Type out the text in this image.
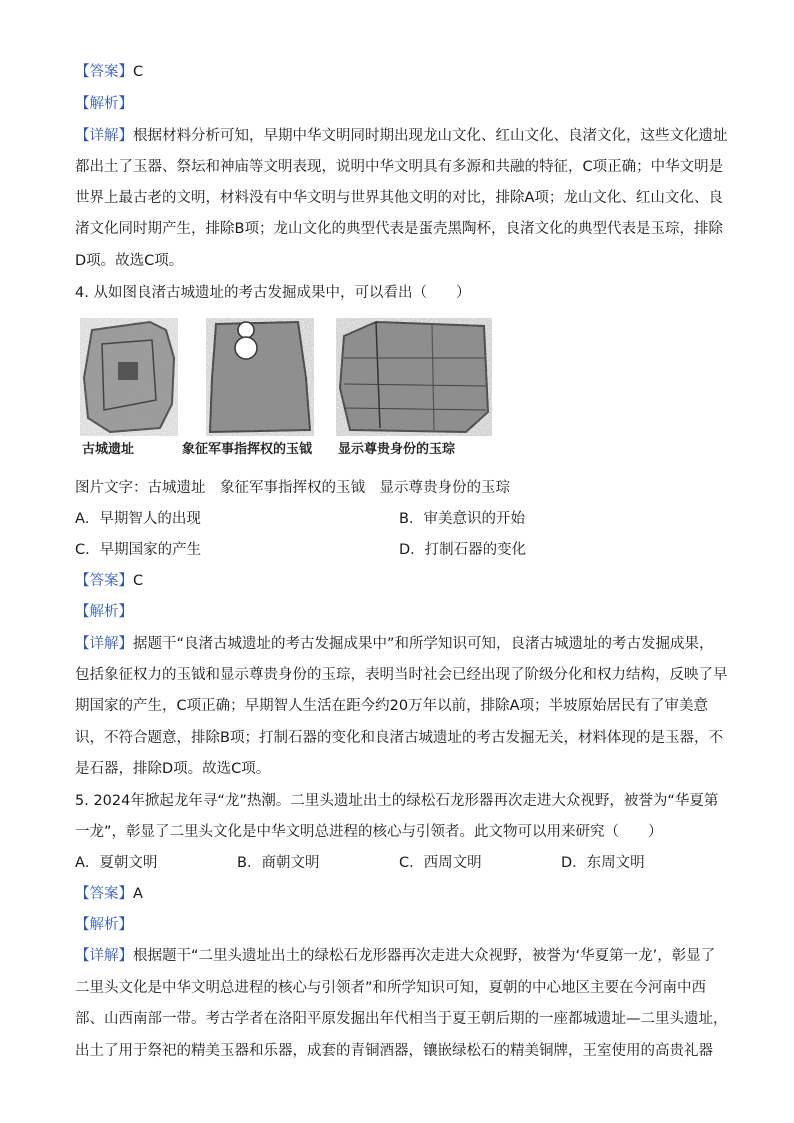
【答案】C
【解析】
【详解】根据材料分析可知，早期中华文明同时期出现龙山文化、红山文化、良渚文化，这些文化遗址
都出土了玉器、祭坛和神庙等文明表现，说明中华文明具有多源和共融的特征，C项正确；中华文明是
世界上最古老的文明，材料没有中华文明与世界其他文明的对比，排除A项；龙山文化、红山文化、良
渚文化同时期产生，排除B项；龙山文化的典型代表是蛋壳黑陶杯，良渚文化的典型代表是玉琮，排除
D项。故选C项。
4. 从如图良渚古城遗址的考古发掘成果中，可以看出（　　）
古城遗址	象征军事指挥权的玉钺 显示尊贵身份的玉琮
图片文字：古城遗址　象征军事指挥权的玉钺　显示尊贵身份的玉琮
A．早期智人的出现	B．审美意识的开始
C．早期国家的产生	D．打制石器的变化
【答案】C
【解析】
【详解】据题干“良渚古城遗址的考古发掘成果中”和所学知识可知，良渚古城遗址的考古发掘成果，
包括象征权力的玉钺和显示尊贵身份的玉琮，表明当时社会已经出现了阶级分化和权力结构，反映了早
期国家的产生，C项正确；早期智人生活在距今约20万年以前，排除A项；半坡原始居民有了审美意
识，不符合题意，排除B项；打制石器的变化和良渚古城遗址的考古发掘无关，材料体现的是玉器，不
是石器，排除D项。故选C项。
5. 2024年掀起龙年寻“龙”热潮。二里头遗址出土的绿松石龙形器再次走进大众视野，被誉为“华夏第
一龙”，彰显了二里头文化是中华文明总进程的核心与引领者。此文物可以用来研究（　　）
A．夏朝文明	B．商朝文明	C．西周文明	D．东周文明
【答案】A
【解析】
【详解】根据题干“二里头遗址出土的绿松石龙形器再次走进大众视野，被誉为‘华夏第一龙’，彰显了
二里头文化是中华文明总进程的核心与引领者”和所学知识可知，夏朝的中心地区主要在今河南中西
部、山西南部一带。考古学者在洛阳平原发掘出年代相当于夏王朝后期的一座都城遗址—二里头遗址，
出土了用于祭祀的精美玉器和乐器，成套的青铜酒器，镶嵌绿松石的精美铜牌，王室使用的高贵礼器
